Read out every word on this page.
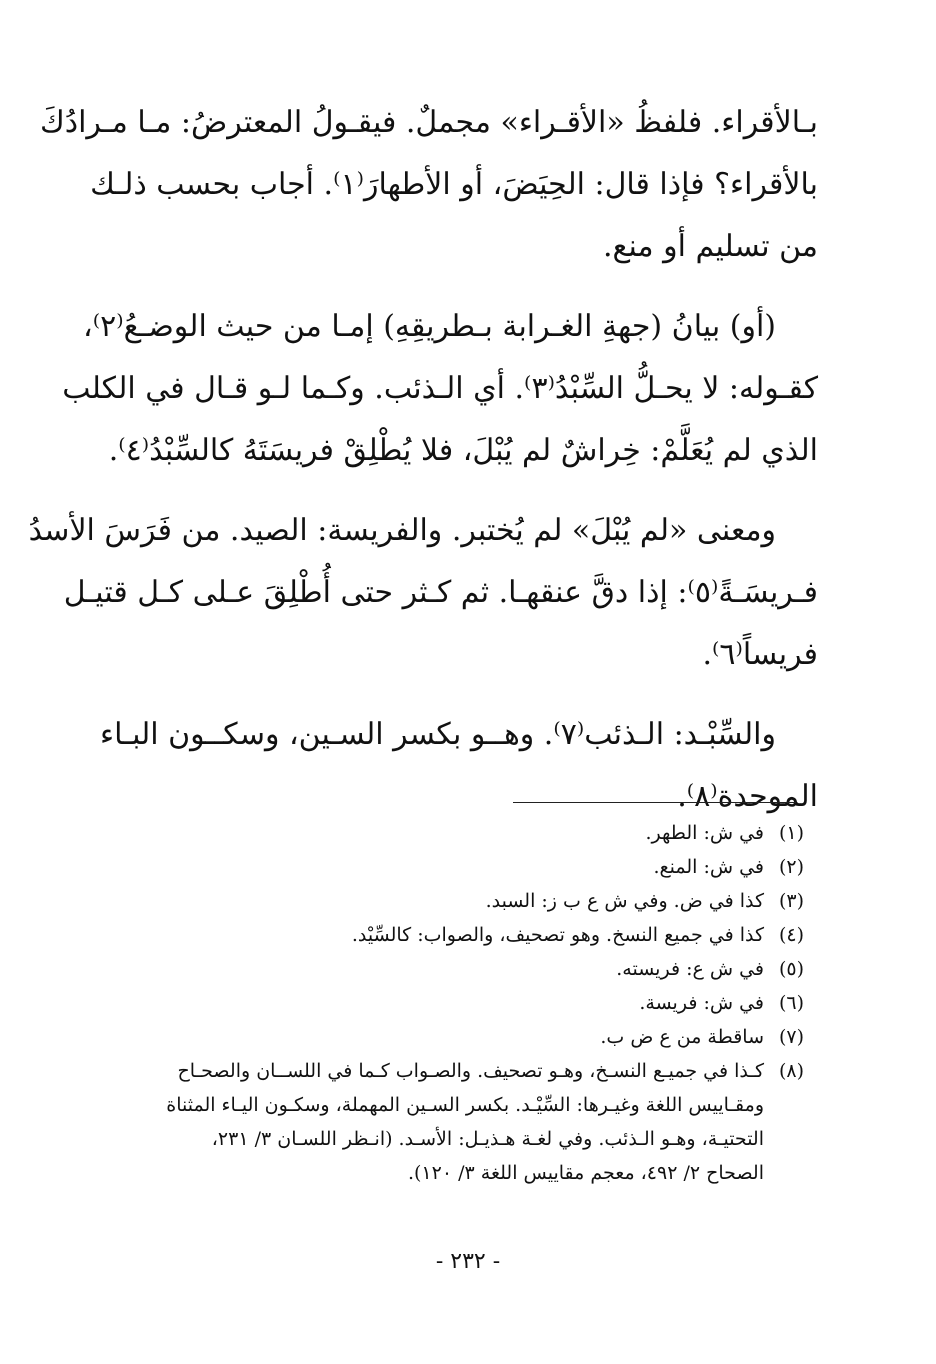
بـالأقراء. فلفظُ «الأقـراء» مجملٌ. فيقـولُ المعترضُ: مـا مـرادُكَ
بالأقراء؟ فإذا قال: الحِيَضَ، أو الأطهارَ⁽١⁾. أجاب بحسب ذلـك
من تسليم أو منع.
(أو) بيانُ (جهةِ الغـرابة بـطريقِهِ) إمـا من حيث الوضـعُ⁽٢⁾،
كقـوله: لا يحـلُّ السِّبْدُ⁽٣⁾. أي الـذئب. وكـما لـو قـال في الكلب
الذي لم يُعَلَّمْ: خِراشٌ لم يُبْلَ، فلا يُطْلِقْ فريسَتَهُ كالسِّبْدُ⁽٤⁾.
ومعنى «لم يُبْلَ» لم يُختبر. والفريسة: الصيد. من فَرَسَ الأسدُ
فـريسَـةً⁽٥⁾: إذا دقَّ عنقهـا. ثم كـثر حتى أُطْلِقَ عـلى كـل قتيـل
فريساً⁽٦⁾.
والسِّبْـد: الـذئب⁽٧⁾. وهــو بكسر السـين، وسكــون البـاء
الموحدة⁽٨⁾.
(١)
في ش: الطهر.
(٢)
في ش: المنع.
(٣)
كذا في ض. وفي ش ع ب ز: السبد.
(٤)
كذا في جميع النسخ. وهو تصحيف، والصواب: كالسِّيْد.
(٥)
في ش ع: فريسته.
(٦)
في ش: فريسة.
(٧)
ساقطة من ع ض ب.
(٨)
كـذا في جميـع النسـخ، وهـو تصحيف. والصـواب كـما في اللســان والصحـاح
ومقـاييس اللغة وغيـرها: السِّيْـد. بكسر السـين المهملة، وسكـون اليـاء المثناة
التحتيـة، وهـو الـذئب. وفي لغـة هـذيـل: الأسـد. (انـظر اللسـان ٣/ ٢٣١،
الصحاح ٢/ ٤٩٢، معجم مقاييس اللغة ٣/ ١٢٠).
- ٢٣٢ -
